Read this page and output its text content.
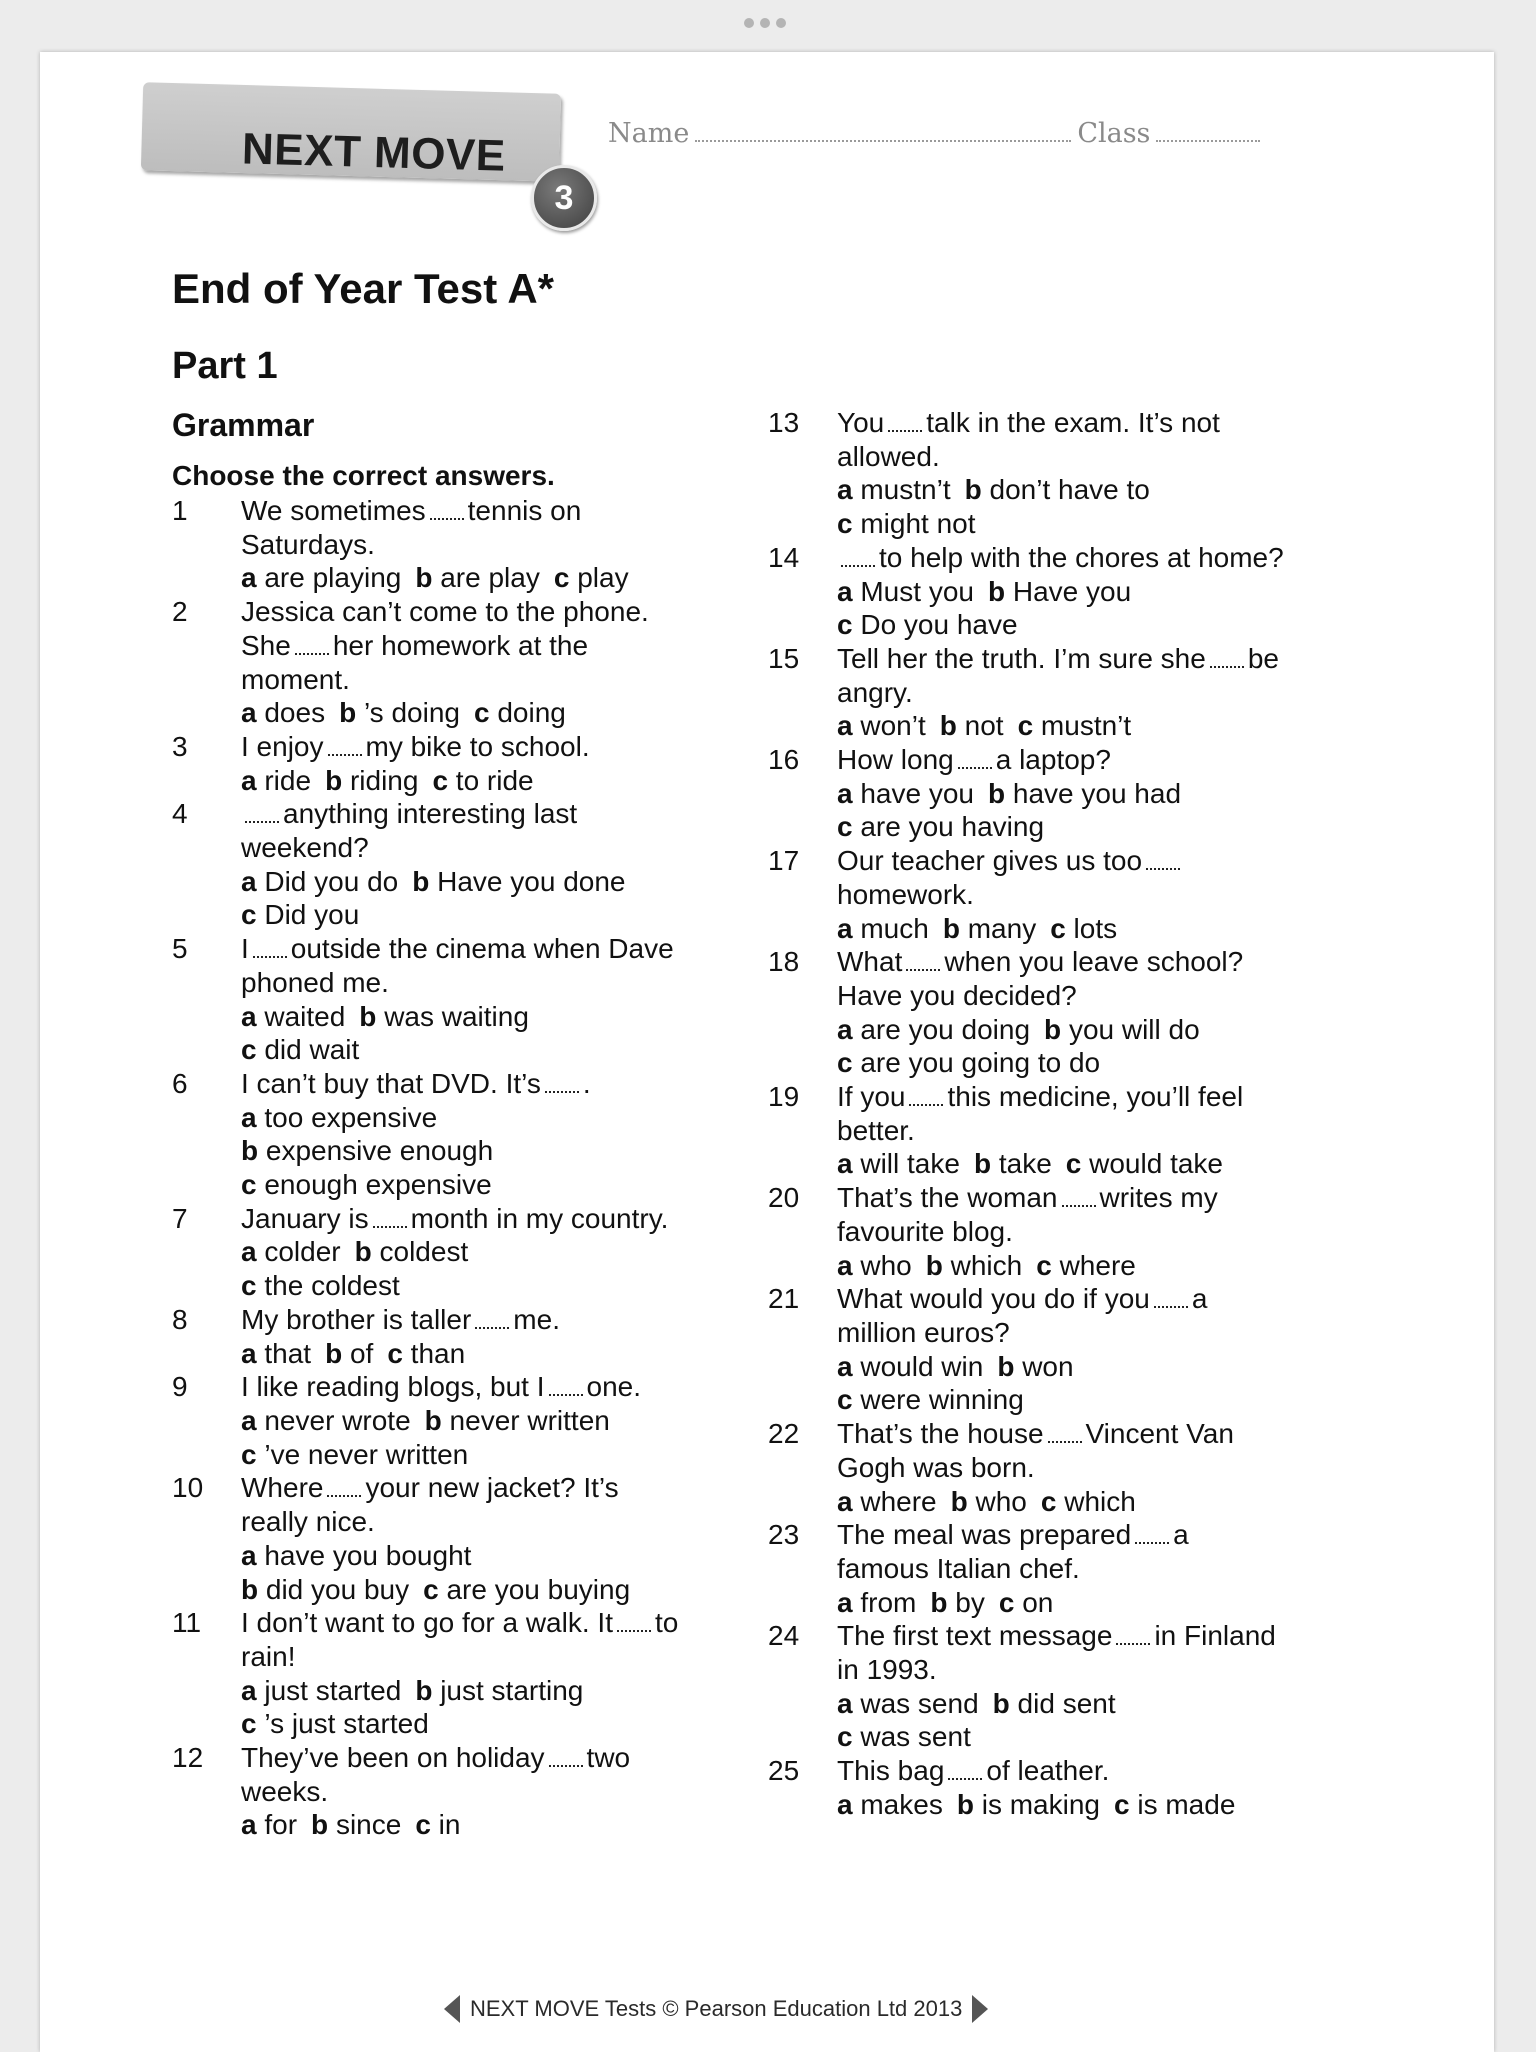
NEXT MOVE
3
Name	Class
End of Year Test A*
Part 1
Grammar
Choose the correct answers.
1 We sometimes tennis on Saturdays.
a are playing b are play c play
2 Jessica can’t come to the phone. She her homework at the moment.
a does b ’s doing c doing
3 I enjoy my bike to school.
a ride b riding c to ride
4	anything interesting last weekend?
a Did you do b Have you done
c Did you
5 I outside the cinema when Dave phoned me.
a waited b was waiting
c did wait
6 I can’t buy that DVD. It’s .
a too expensive
b expensive enough
c enough expensive
7 January is month in my country.
a colder b coldest
c the coldest
8 My brother is taller me.
a that b of c than
9 I like reading blogs, but I one.
a never wrote b never written
c ’ve never written
10 Where your new jacket? It’s really nice.
a have you bought
b did you buy c are you buying
11 I don’t want to go for a walk. It to rain!
a just started b just starting
c ’s just started
12 They’ve been on holiday two weeks.
a for b since c in
13 You talk in the exam. It’s not allowed.
a mustn’t b don’t have to
c might not
14	to help with the chores at home?
a Must you b Have you
c Do you have
15 Tell her the truth. I’m sure she be angry.
a won’t b not c mustn’t
16 How long a laptop?
a have you b have you had
c are you having
17 Our teacher gives us toohomework.
a much b many c lots
18 What when you leave school? Have you decided?
a are you doing b you will do
c are you going to do
19 If you this medicine, you’ll feel better.
a will take b take c would take
20 That’s the woman writes my favourite blog.
a who b which c where
21 What would you do if you a million euros?
a would win b won
c were winning
22 That’s the house Vincent Van Gogh was born.
a where b who c which
23 The meal was prepared a famous Italian chef.
a from b by c on
24 The first text message in Finland in 1993.
a was send b did sent
c was sent
25 This bag of leather.
a makes b is making c is made
NEXT MOVE Tests © Pearson Education Ltd 2013
